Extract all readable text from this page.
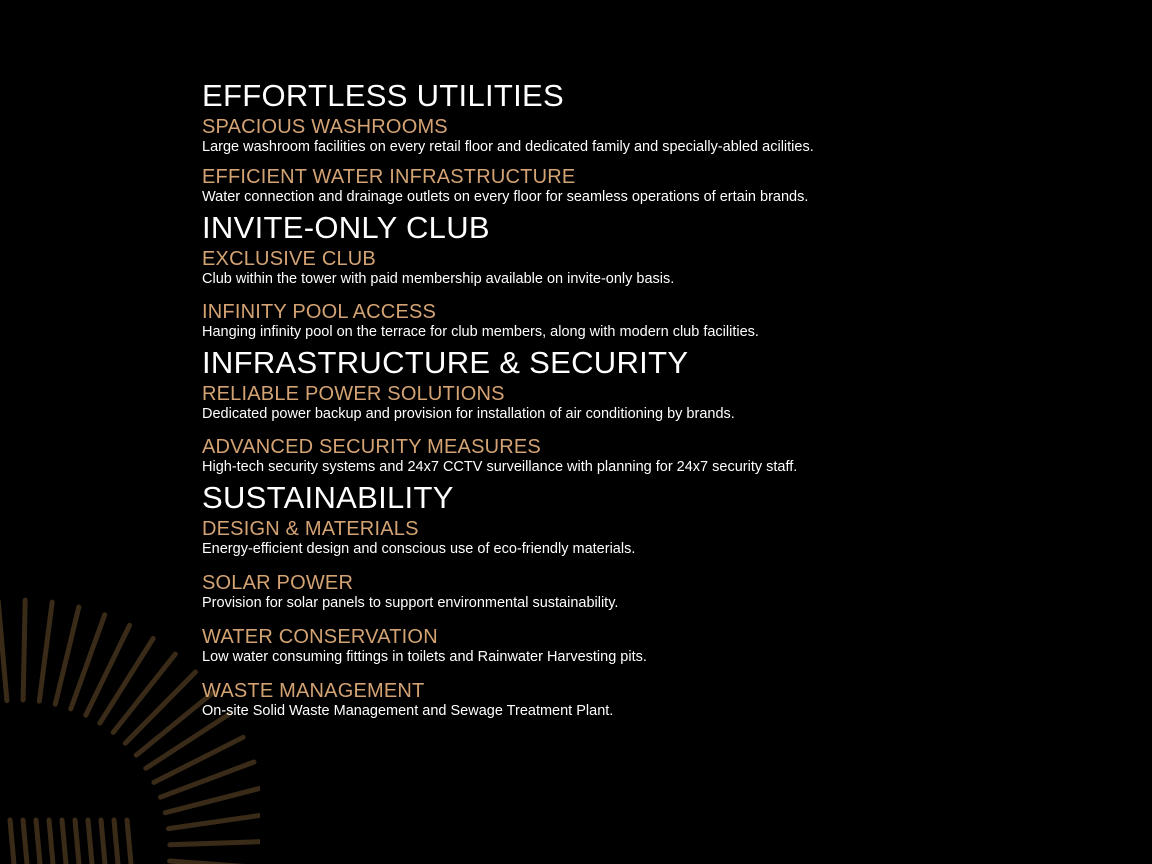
EFFORTLESS UTILITIES
SPACIOUS WASHROOMS
Large washroom facilities on every retail floor and dedicated family and specially-abled acilities.
EFFICIENT WATER INFRASTRUCTURE
Water connection and drainage outlets on every floor for seamless operations of ertain brands.
INVITE-ONLY CLUB
EXCLUSIVE CLUB
Club within the tower with paid membership available on invite-only basis.
INFINITY POOL ACCESS
Hanging infinity pool on the terrace for club members, along with modern club facilities.
INFRASTRUCTURE & SECURITY
RELIABLE POWER SOLUTIONS
Dedicated power backup and provision for installation of air conditioning by brands.
ADVANCED SECURITY MEASURES
High-tech security systems and 24x7 CCTV surveillance with planning for 24x7 security staff.
SUSTAINABILITY
DESIGN & MATERIALS
Energy-efficient design and conscious use of eco-friendly materials.
SOLAR POWER
Provision for solar panels to support environmental sustainability.
WATER CONSERVATION
Low water consuming fittings in toilets and Rainwater Harvesting pits.
WASTE MANAGEMENT
On-site Solid Waste Management and Sewage Treatment Plant.
